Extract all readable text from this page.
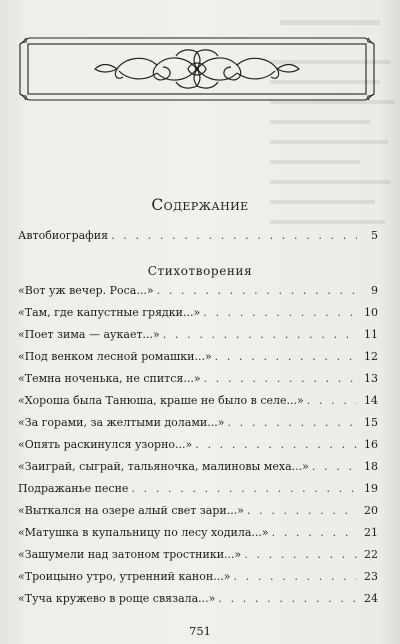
Содержание
Автобиография . . .	5
Стихотворения
«Вот уж вечер. Роса...» . . .	9
«Там, где капустные грядки...» . . .	10
«Поет зима — аукает...» . . .	11
«Под венком лесной ромашки...» . . .	12
«Темна ноченька, не спится...» . . .	13
«Хороша была Танюша, краше не было в селе...» . . .	14
«За горами, за желтыми долами...» . . .	15
«Опять раскинулся узорно...» . . .	16
«Заиграй, сыграй, тальяночка, малиновы меха...» . . .	18
Подражанье песне . . .	19
«Выткался на озере алый свет зари...» . . .	20
«Матушка в купальницу по лесу ходила...» . . .	21
«Зашумели над затоном тростники...» . . .	22
«Троицыно утро, утренний канон...» . . .	23
«Туча кружево в роще связала...» . . .	24
751
